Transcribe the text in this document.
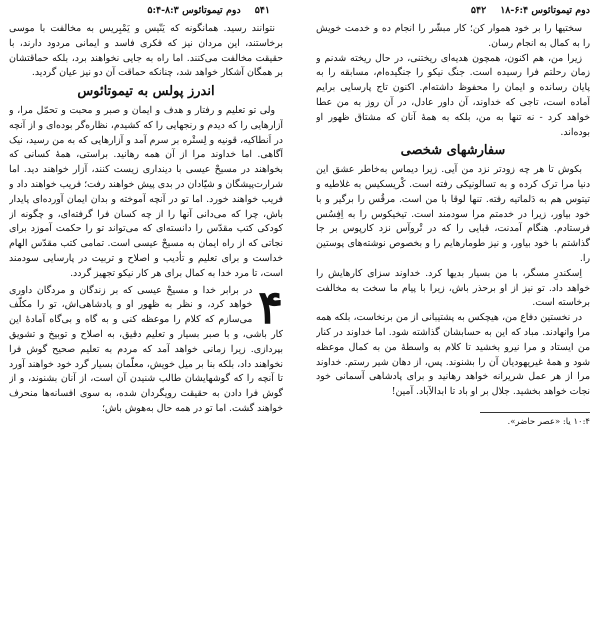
دوم تیموتائوس ۶:۴-۱۸
۵۴۲
۵۴۱
دوم تیموتائوس ۸:۳-۵:۴

سختیها را بر خود هموار کن؛ کار مبشّر را انجام ده و خدمت خویش را به کمال به انجام رسان.

زیرا من، هم اکنون، همچون هدیه‌ای ریختنی، در حال ریخته شدنم و زمان رحلتم فرا رسیده است. جنگ نیکو را جنگیده‌ام، مسابقه را به پایان رسانده و ایمان را محفوظ داشته‌ام. اکنون تاج پارسایی برایم آماده است، تاجی که خداوند، آن داور عادل، در آن روز به من عطا خواهد کرد - نه تنها به من، بلکه به همهٔ آنان که مشتاق ظهور او بوده‌اند.

سفارشهای شخصی

بکوش تا هر چه زودتر نزد من آیی. زیرا دیماس به‌خاطر عشق این دنیا مرا ترک کرده و به تسالونیکی رفته است. کْریسکیس به غلاطیه و تیتوس هم به دَلماتیه رفته. تنها لوقا با من است. مرقُس را برگیر و با خود بیاور، زیرا در خدمتم مرا سودمند است. تیخیکوس را به اِفِسُس فرستادم. هنگام آمدنت، قبایی را که در تْروآس نزد کارپوس بر جا گذاشتم با خود بیاور، و نیز طومارهایم را و بخصوص نوشته‌های پوستین را.

اِسکندرِ مسگر، با من بسیار بدیها کرد. خداوند سزای کارهایش را خواهد داد. تو نیز از او برحذر باش، زیرا با پیام ما سخت به مخالفت برخاسته است.

در نخستین دفاع من، هیچکس به پشتیبانی از من برنخاست، بلکه همه مرا وانهادند. مباد که این به حسابشان گذاشته شود. اما خداوند در کنار من ایستاد و مرا نیرو بخشید تا کلام به واسطهٔ من به کمال موعظه شود و همهٔ غیریهودیان آن را بشنوند. پس، از دهان شیر رستم. خداوند مرا از هر عمل شریرانه خواهد رهانید و برای پادشاهی آسمانی خود نجات خواهد بخشید. جلال بر او باد تا ابدالآباد. آمین!

۱۰:۴ یا: «عصر حاضر».

نتوانند رسید. همانگونه که یَنّیس و یَمْبِریس به مخالفت با موسی برخاستند، این مردان نیز که فکری فاسد و ایمانی مردود دارند، با حقیقت مخالفت می‌کنند. اما راه به جایی نخواهند برد، بلکه حماقتشان بر همگان آشکار خواهد شد، چنانکه حماقت آن دو نیز عیان گردید.

اندرز پولس به تیموتائوس

ولی تو تعلیم و رفتار و هدف و ایمان و صبر و محبت و تحمّل مرا، و آزارهایی را که دیدم و رنجهایی را که کشیدم، نظاره‌گر بوده‌ای و از آنچه در اَنطاکیه، قونیه و لِستْره بر سرم آمد و آزارهایی که به من رسید، نیک آگاهی. اما خداوند مرا از آن همه رهانید. براستی، همهٔ کسانی که بخواهند در مسیحْ عیسی با دینداری زیست کنند، آزار خواهند دید. اما شرارت‌پیشگان و شیّادان در بدی پیش خواهند رفت؛ فریب خواهند داد و فریب خواهند خورد. اما تو در آنچه آموخته و بدان ایمان آورده‌ای پایدار باش، چرا که می‌دانی آنها را از چه کسان فرا گرفته‌ای، و چگونه از کودکی کتب مقدّس را دانسته‌ای که می‌تواند تو را حکمت آموزد برای نجاتی که از راه ایمان به مسیحْ عیسی است. تمامی کتب مقدّس الهام خداست و برای تعلیم و تأدیب و اصلاح و تربیت در پارسایی سودمند است، تا مرد خدا به کمال برای هر کار نیکو تجهیز گردد.

۴

در برابر خدا و مسیحْ عیسی که بر زندگان و مردگان داوری خواهد کرد، و نظر به ظهور او و پادشاهی‌اش، تو را مکلّف می‌سازم که کلام را موعظه کنی و به گاه و بی‌گاه آمادهٔ این کار باشی، و با صبر بسیار و تعلیم دقیق، به اصلاح و توبیخ و تشویق بپردازی. زیرا زمانی خواهد آمد که مردم به تعلیم صحیح گوش فرا نخواهند داد، بلکه بنا بر میل خویش، معلّمان بسیار گرد خود خواهند آورد تا آنچه را که گوشهایشان طالب شنیدن آن است، از آنان بشنوند، و از گوش فرا دادن به حقیقت رویگردان شده، به سوی افسانه‌ها منحرف خواهند گشت. اما تو در همه حال به‌هوش باش؛
